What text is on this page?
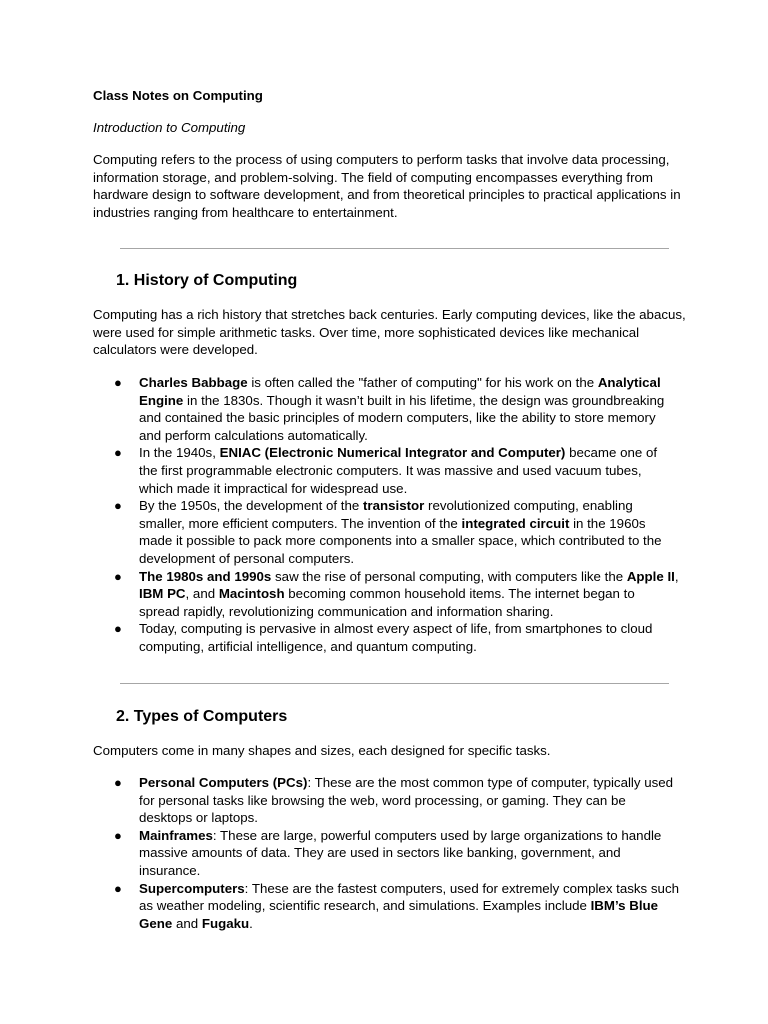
Class Notes on Computing

Introduction to Computing

Computing refers to the process of using computers to perform tasks that involve data processing, information storage, and problem-solving. The field of computing encompasses everything from hardware design to software development, and from theoretical principles to practical applications in industries ranging from healthcare to entertainment.

1. History of Computing

Computing has a rich history that stretches back centuries. Early computing devices, like the abacus, were used for simple arithmetic tasks. Over time, more sophisticated devices like mechanical calculators were developed.

● Charles Babbage is often called the "father of computing" for his work on the Analytical Engine in the 1830s. Though it wasn’t built in his lifetime, the design was groundbreaking and contained the basic principles of modern computers, like the ability to store memory and perform calculations automatically.
● In the 1940s, ENIAC (Electronic Numerical Integrator and Computer) became one of the first programmable electronic computers. It was massive and used vacuum tubes, which made it impractical for widespread use.
● By the 1950s, the development of the transistor revolutionized computing, enabling smaller, more efficient computers. The invention of the integrated circuit in the 1960s made it possible to pack more components into a smaller space, which contributed to the development of personal computers.
● The 1980s and 1990s saw the rise of personal computing, with computers like the Apple II, IBM PC, and Macintosh becoming common household items. The internet began to spread rapidly, revolutionizing communication and information sharing.
● Today, computing is pervasive in almost every aspect of life, from smartphones to cloud computing, artificial intelligence, and quantum computing.
2. Types of Computers

Computers come in many shapes and sizes, each designed for specific tasks.

● Personal Computers (PCs): These are the most common type of computer, typically used for personal tasks like browsing the web, word processing, or gaming. They can be desktops or laptops.
● Mainframes: These are large, powerful computers used by large organizations to handle massive amounts of data. They are used in sectors like banking, government, and insurance.
● Supercomputers: These are the fastest computers, used for extremely complex tasks such as weather modeling, scientific research, and simulations. Examples include IBM’s Blue Gene and Fugaku.
